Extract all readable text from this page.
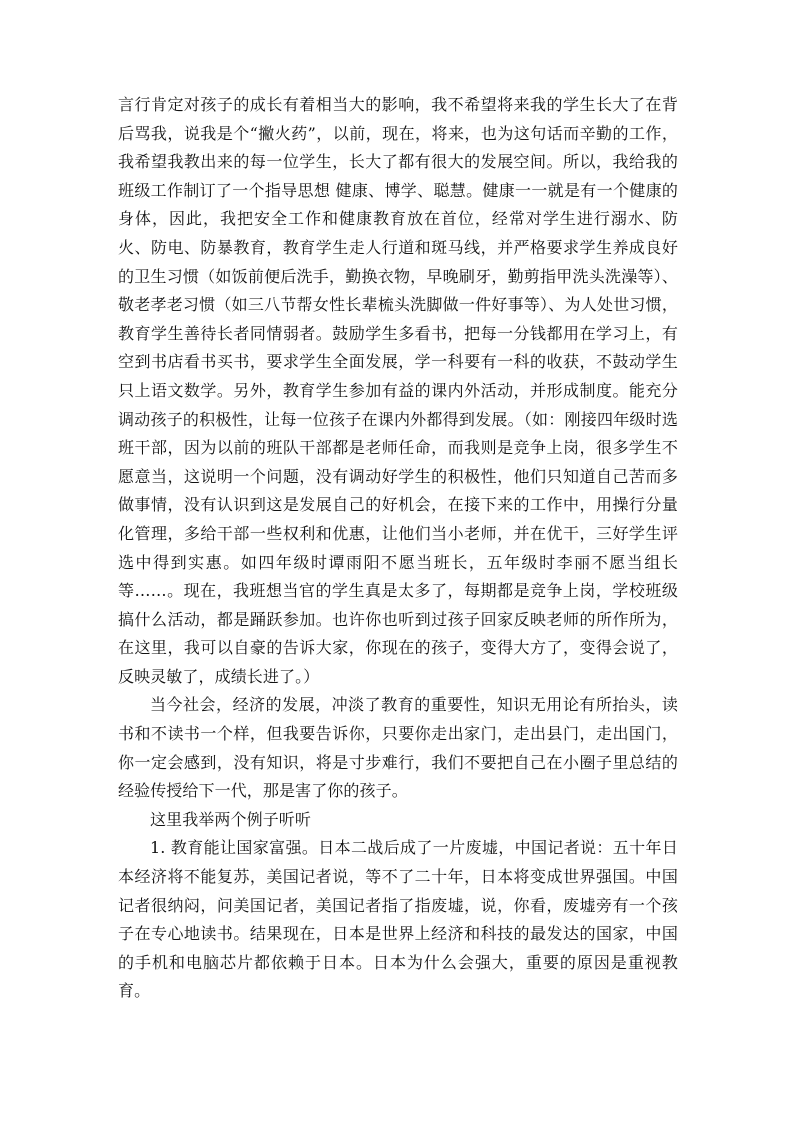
言行肯定对孩子的成长有着相当大的影响，我不希望将来我的学生长大了在背后骂我，说我是个“撇火药”，以前，现在，将来，也为这句话而辛勤的工作，我希望我教出来的每一位学生，长大了都有很大的发展空间。所以，我给我的班级工作制订了一个指导思想 健康、博学、聪慧。健康一一就是有一个健康的身体，因此，我把安全工作和健康教育放在首位，经常对学生进行溺水、防火、防电、防暴教育，教育学生走人行道和斑马线，并严格要求学生养成良好的卫生习惯（如饭前便后洗手，勤换衣物，早晚刷牙，勤剪指甲洗头洗澡等）、敬老孝老习惯（如三八节帮女性长辈梳头洗脚做一件好事等）、为人处世习惯，教育学生善待长者同情弱者。鼓励学生多看书，把每一分钱都用在学习上，有空到书店看书买书，要求学生全面发展，学一科要有一科的收获，不鼓动学生只上语文数学。另外，教育学生参加有益的课内外活动，并形成制度。能充分调动孩子的积极性，让每一位孩子在课内外都得到发展。（如：刚接四年级时选班干部，因为以前的班队干部都是老师任命，而我则是竞争上岗，很多学生不愿意当，这说明一个问题，没有调动好学生的积极性，他们只知道自己苦而多做事情，没有认识到这是发展自己的好机会，在接下来的工作中，用操行分量化管理，多给干部一些权利和优惠，让他们当小老师，并在优干，三好学生评选中得到实惠。如四年级时谭雨阳不愿当班长，五年级时李丽不愿当组长等……。现在，我班想当官的学生真是太多了，每期都是竞争上岗，学校班级搞什么活动，都是踊跃参加。也许你也听到过孩子回家反映老师的所作所为，在这里，我可以自豪的告诉大家，你现在的孩子，变得大方了，变得会说了，反映灵敏了，成绩长进了。）

当今社会，经济的发展，冲淡了教育的重要性，知识无用论有所抬头，读书和不读书一个样，但我要告诉你，只要你走出家门，走出县门，走出国门，你一定会感到，没有知识，将是寸步难行，我们不要把自己在小圈子里总结的经验传授给下一代，那是害了你的孩子。

这里我举两个例子听听

1. 教育能让国家富强。日本二战后成了一片废墟，中国记者说：五十年日本经济将不能复苏，美国记者说，等不了二十年，日本将变成世界强国。中国记者很纳闷，问美国记者，美国记者指了指废墟，说，你看，废墟旁有一个孩子在专心地读书。结果现在，日本是世界上经济和科技的最发达的国家，中国的手机和电脑芯片都依赖于日本。日本为什么会强大，重要的原因是重视教育。
